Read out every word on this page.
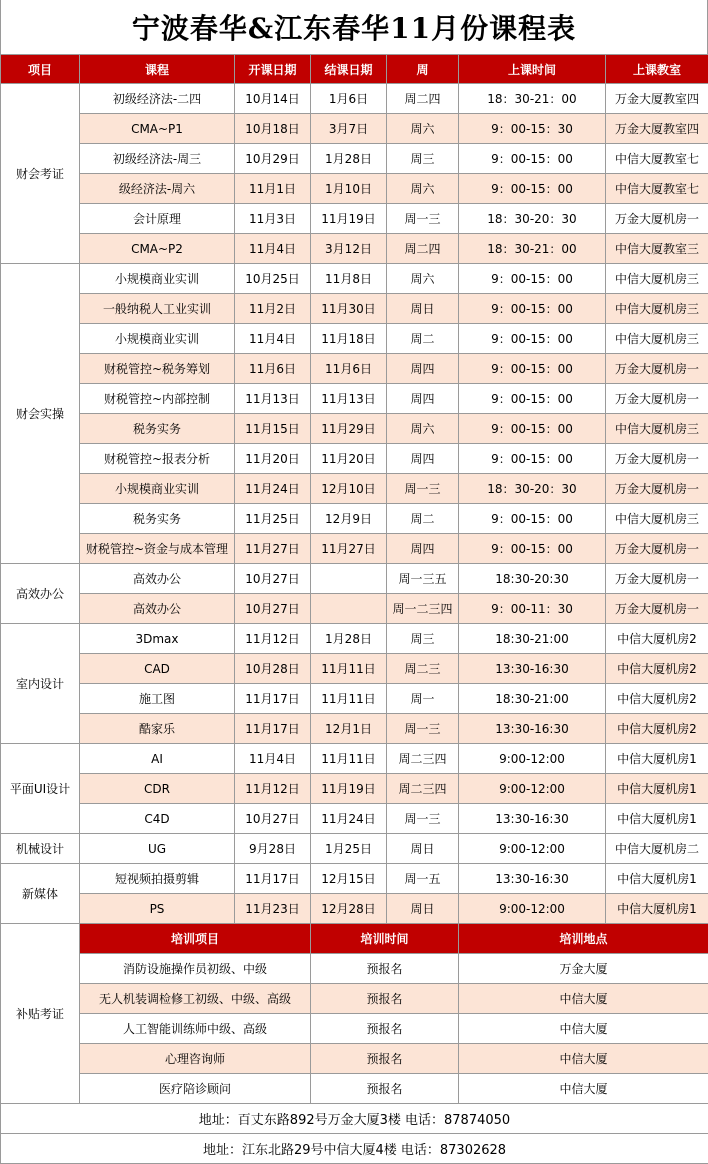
宁波春华&江东春华11月份课程表
项目	课程	开课日期	结课日期	周	上课时间	上课教室
财会考证	初级经济法-二四	10月14日	1月6日	周二四	18：30-21：00	万金大厦教室四
	CMA~P1	10月18日	3月7日	周六	9：00-15：30	万金大厦教室四
	初级经济法-周三	10月29日	1月28日	周三	9：00-15：00	中信大厦教室七
	级经济法-周六	11月1日	1月10日	周六	9：00-15：00	中信大厦教室七
	会计原理	11月3日	11月19日	周一三	18：30-20：30	万金大厦机房一
	CMA~P2	11月4日	3月12日	周二四	18：30-21：00	中信大厦教室三
财会实操	小规模商业实训	10月25日	11月8日	周六	9：00-15：00	中信大厦机房三
	一般纳税人工业实训	11月2日	11月30日	周日	9：00-15：00	中信大厦机房三
	小规模商业实训	11月4日	11月18日	周二	9：00-15：00	中信大厦机房三
	财税管控~税务筹划	11月6日	11月6日	周四	9：00-15：00	万金大厦机房一
	财税管控~内部控制	11月13日	11月13日	周四	9：00-15：00	万金大厦机房一
	税务实务	11月15日	11月29日	周六	9：00-15：00	中信大厦机房三
	财税管控~报表分析	11月20日	11月20日	周四	9：00-15：00	万金大厦机房一
	小规模商业实训	11月24日	12月10日	周一三	18：30-20：30	万金大厦机房一
	税务实务	11月25日	12月9日	周二	9：00-15：00	中信大厦机房三
	财税管控~资金与成本管理	11月27日	11月27日	周四	9：00-15：00	万金大厦机房一
高效办公	高效办公	10月27日		周一三五	18:30-20:30	万金大厦机房一
	高效办公	10月27日		周一二三四	9：00-11：30	万金大厦机房一
室内设计	3Dmax	11月12日	1月28日	周三	18:30-21:00	中信大厦机房2
	CAD	10月28日	11月11日	周二三	13:30-16:30	中信大厦机房2
	施工图	11月17日	11月11日	周一	18:30-21:00	中信大厦机房2
	酷家乐	11月17日	12月1日	周一三	13:30-16:30	中信大厦机房2
平面UI设计	AI	11月4日	11月11日	周二三四	9:00-12:00	中信大厦机房1
	CDR	11月12日	11月19日	周二三四	9:00-12:00	中信大厦机房1
	C4D	10月27日	11月24日	周一三	13:30-16:30	中信大厦机房1
机械设计	UG	9月28日	1月25日	周日	9:00-12:00	中信大厦机房二
新媒体	短视频拍摄剪辑	11月17日	12月15日	周一五	13:30-16:30	中信大厦机房1
	PS	11月23日	12月28日	周日	9:00-12:00	中信大厦机房1
补贴考证	培训项目		培训时间		培训地点	
	消防设施操作员初级、中级		预报名		万金大厦	
	无人机装调检修工初级、中级、高级		预报名		中信大厦	
	人工智能训练师中级、高级		预报名		中信大厦	
	心理咨询师		预报名		中信大厦	
	医疗陪诊顾问		预报名		中信大厦	
地址：百丈东路892号万金大厦3楼 电话：87874050						
地址：江东北路29号中信大厦4楼 电话：87302628						
